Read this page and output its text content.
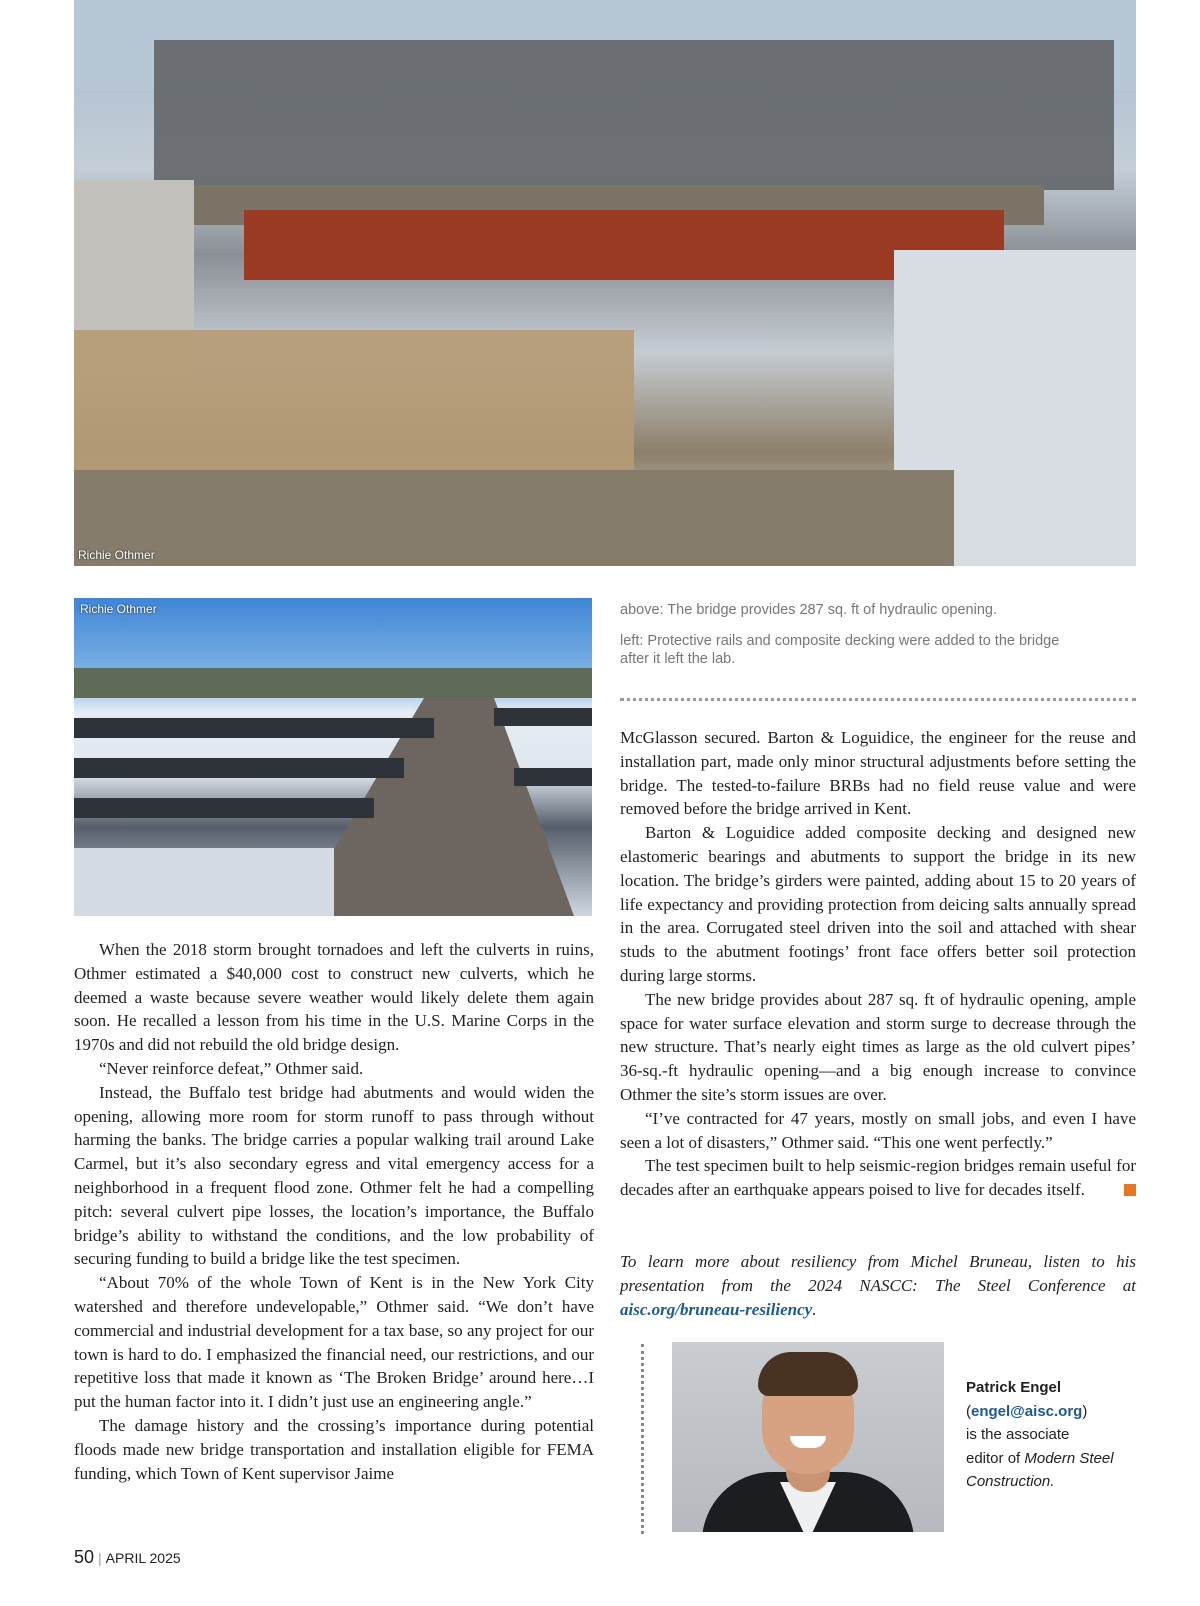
Richie Othmer
Richie Othmer	above: The bridge provides 287 sq. ft of hydraulic opening.
left: Protective rails and composite decking were added to the bridge after it left the lab.

When the 2018 storm brought tornadoes and left the culverts in ruins, Othmer estimated a $40,000 cost to construct new culverts, which he deemed a waste because severe weather would likely delete them again soon. He recalled a lesson from his time in the U.S. Marine Corps in the 1970s and did not rebuild the old bridge design.

“Never reinforce defeat,” Othmer said.

Instead, the Buffalo test bridge had abutments and would widen the opening, allowing more room for storm runoff to pass through without harming the banks. The bridge carries a popular walking trail around Lake Carmel, but it’s also secondary egress and vital emergency access for a neighborhood in a frequent flood zone. Othmer felt he had a compelling pitch: several culvert pipe losses, the location’s importance, the Buffalo bridge’s ability to withstand the conditions, and the low probability of securing funding to build a bridge like the test specimen.

“About 70% of the whole Town of Kent is in the New York City watershed and therefore undevelopable,” Othmer said. “We don’t have commercial and industrial development for a tax base, so any project for our town is hard to do. I emphasized the financial need, our restrictions, and our repetitive loss that made it known as ‘The Broken Bridge’ around here…I put the human factor into it. I didn’t just use an engineering angle.”

The damage history and the crossing’s importance during potential floods made new bridge transportation and installation eligible for FEMA funding, which Town of Kent supervisor Jaime

McGlasson secured. Barton & Loguidice, the engineer for the reuse and installation part, made only minor structural adjustments before setting the bridge. The tested-to-failure BRBs had no field reuse value and were removed before the bridge arrived in Kent.

Barton & Loguidice added composite decking and designed new elastomeric bearings and abutments to support the bridge in its new location. The bridge’s girders were painted, adding about 15 to 20 years of life expectancy and providing protection from deicing salts annually spread in the area. Corrugated steel driven into the soil and attached with shear studs to the abutment footings’ front face offers better soil protection during large storms.

The new bridge provides about 287 sq. ft of hydraulic opening, ample space for water surface elevation and storm surge to decrease through the new structure. That’s nearly eight times as large as the old culvert pipes’ 36-sq.-ft hydraulic opening—and a big enough increase to convince Othmer the site’s storm issues are over.

“I’ve contracted for 47 years, mostly on small jobs, and even I have seen a lot of disasters,” Othmer said. “This one went perfectly.”

The test specimen built to help seismic-region bridges remain useful for decades after an earthquake appears poised to live for decades itself.

To learn more about resiliency from Michel Bruneau, listen to his presentation from the 2024 NASCC: The Steel Conference at aisc.org/bruneau-resiliency.
Patrick Engel
(engel@aisc.org)
is the associate
editor of Modern Steel Construction.
50 | APRIL 2025
